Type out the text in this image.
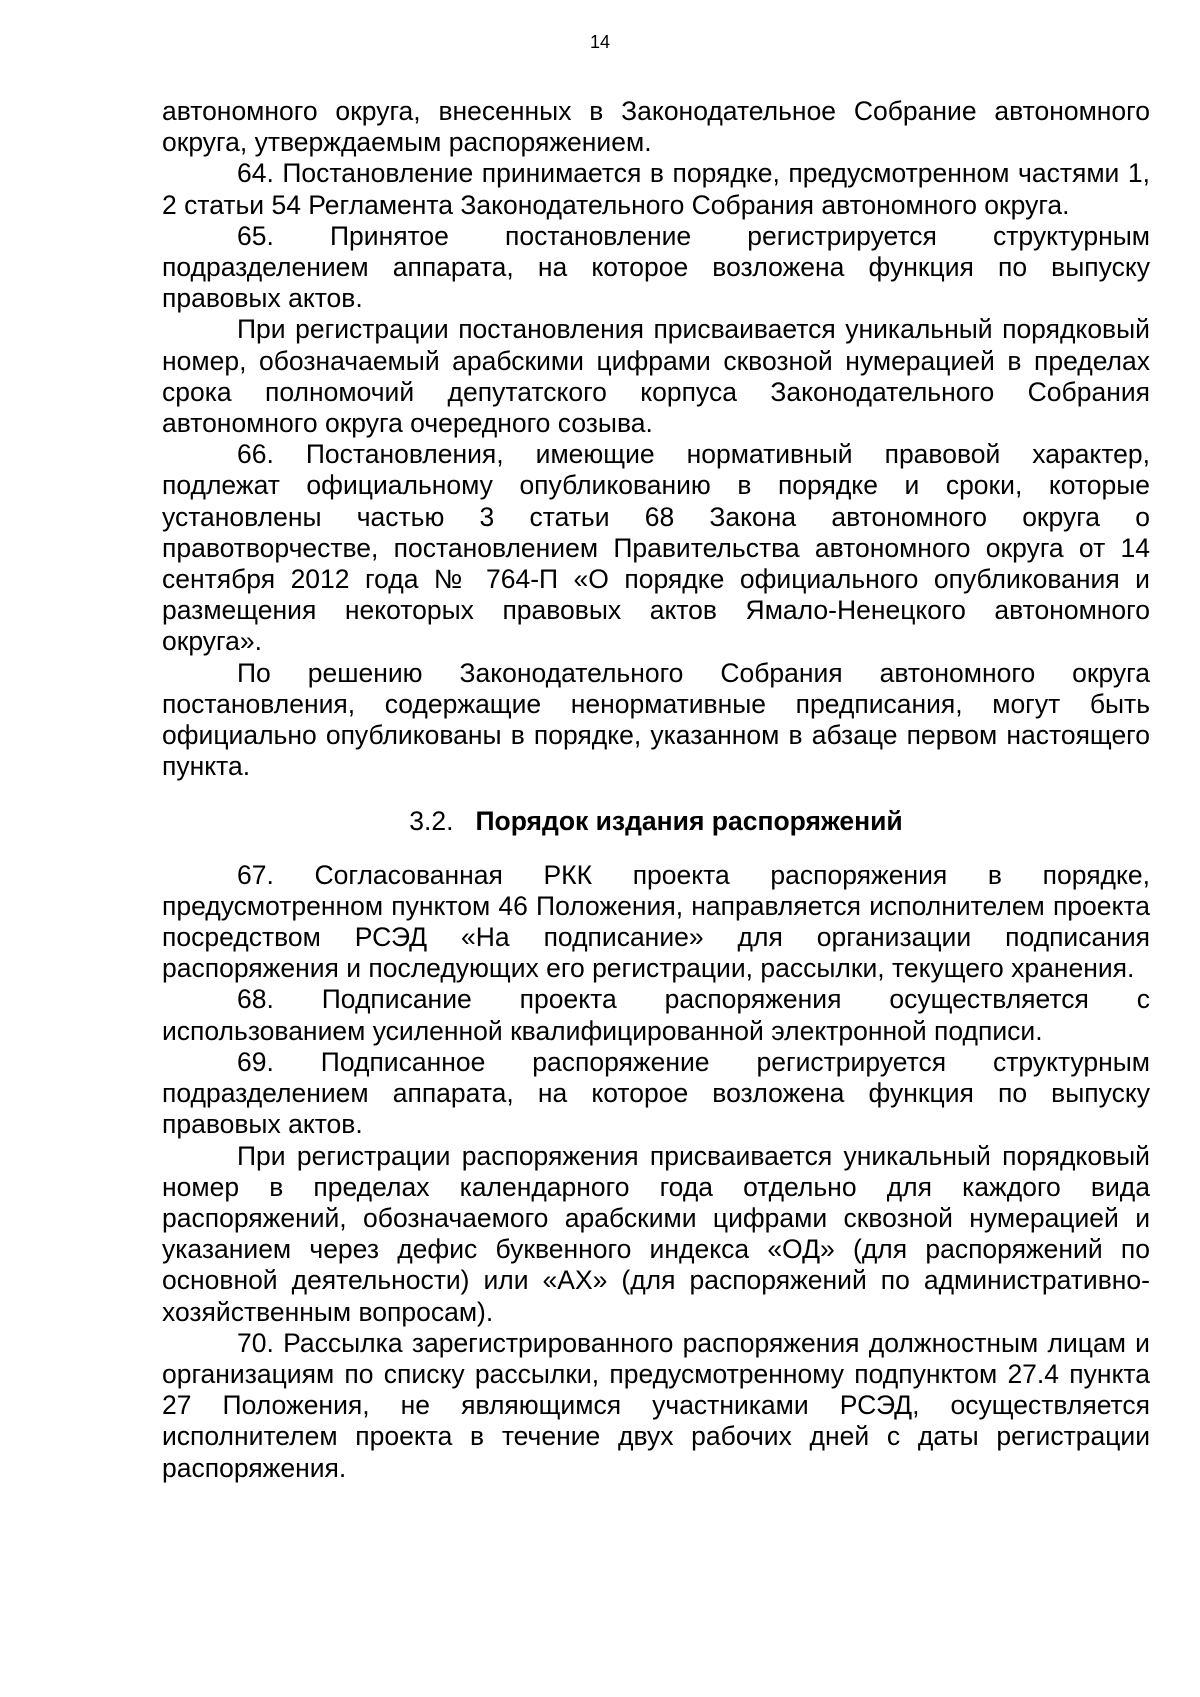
14

автономного округа, внесенных в Законодательное Собрание автономного округа, утверждаемым распоряжением.

64. Постановление принимается в порядке, предусмотренном частями 1, 2 статьи 54 Регламента Законодательного Собрания автономного округа.

65. Принятое постановление регистрируется структурным подразделением аппарата, на которое возложена функция по выпуску правовых актов.

При регистрации постановления присваивается уникальный порядковый номер, обозначаемый арабскими цифрами сквозной нумерацией в пределах срока полномочий депутатского корпуса Законодательного Собрания автономного округа очередного созыва.

66. Постановления, имеющие нормативный правовой характер, подлежат официальному опубликованию в порядке и сроки, которые установлены частью 3 статьи 68 Закона автономного округа о правотворчестве, постановлением Правительства автономного округа от 14 сентября 2012 года № 764-П «О порядке официального опубликования и размещения некоторых правовых актов Ямало-Ненецкого автономного округа».

По решению Законодательного Собрания автономного округа постановления, содержащие ненормативные предписания, могут быть официально опубликованы в порядке, указанном в абзаце первом настоящего пункта.

3.2. Порядок издания распоряжений

67. Согласованная РКК проекта распоряжения в порядке, предусмотренном пунктом 46 Положения, направляется исполнителем проекта посредством РСЭД «На подписание» для организации подписания распоряжения и последующих его регистрации, рассылки, текущего хранения.

68. Подписание проекта распоряжения осуществляется с использованием усиленной квалифицированной электронной подписи.

69. Подписанное распоряжение регистрируется структурным подразделением аппарата, на которое возложена функция по выпуску правовых актов.

При регистрации распоряжения присваивается уникальный порядковый номер в пределах календарного года отдельно для каждого вида распоряжений, обозначаемого арабскими цифрами сквозной нумерацией и указанием через дефис буквенного индекса «ОД» (для распоряжений по основной деятельности) или «АХ» (для распоряжений по административно-хозяйственным вопросам).

70. Рассылка зарегистрированного распоряжения должностным лицам и организациям по списку рассылки, предусмотренному подпунктом 27.4 пункта 27 Положения, не являющимся участниками РСЭД, осуществляется исполнителем проекта в течение двух рабочих дней с даты регистрации распоряжения.
